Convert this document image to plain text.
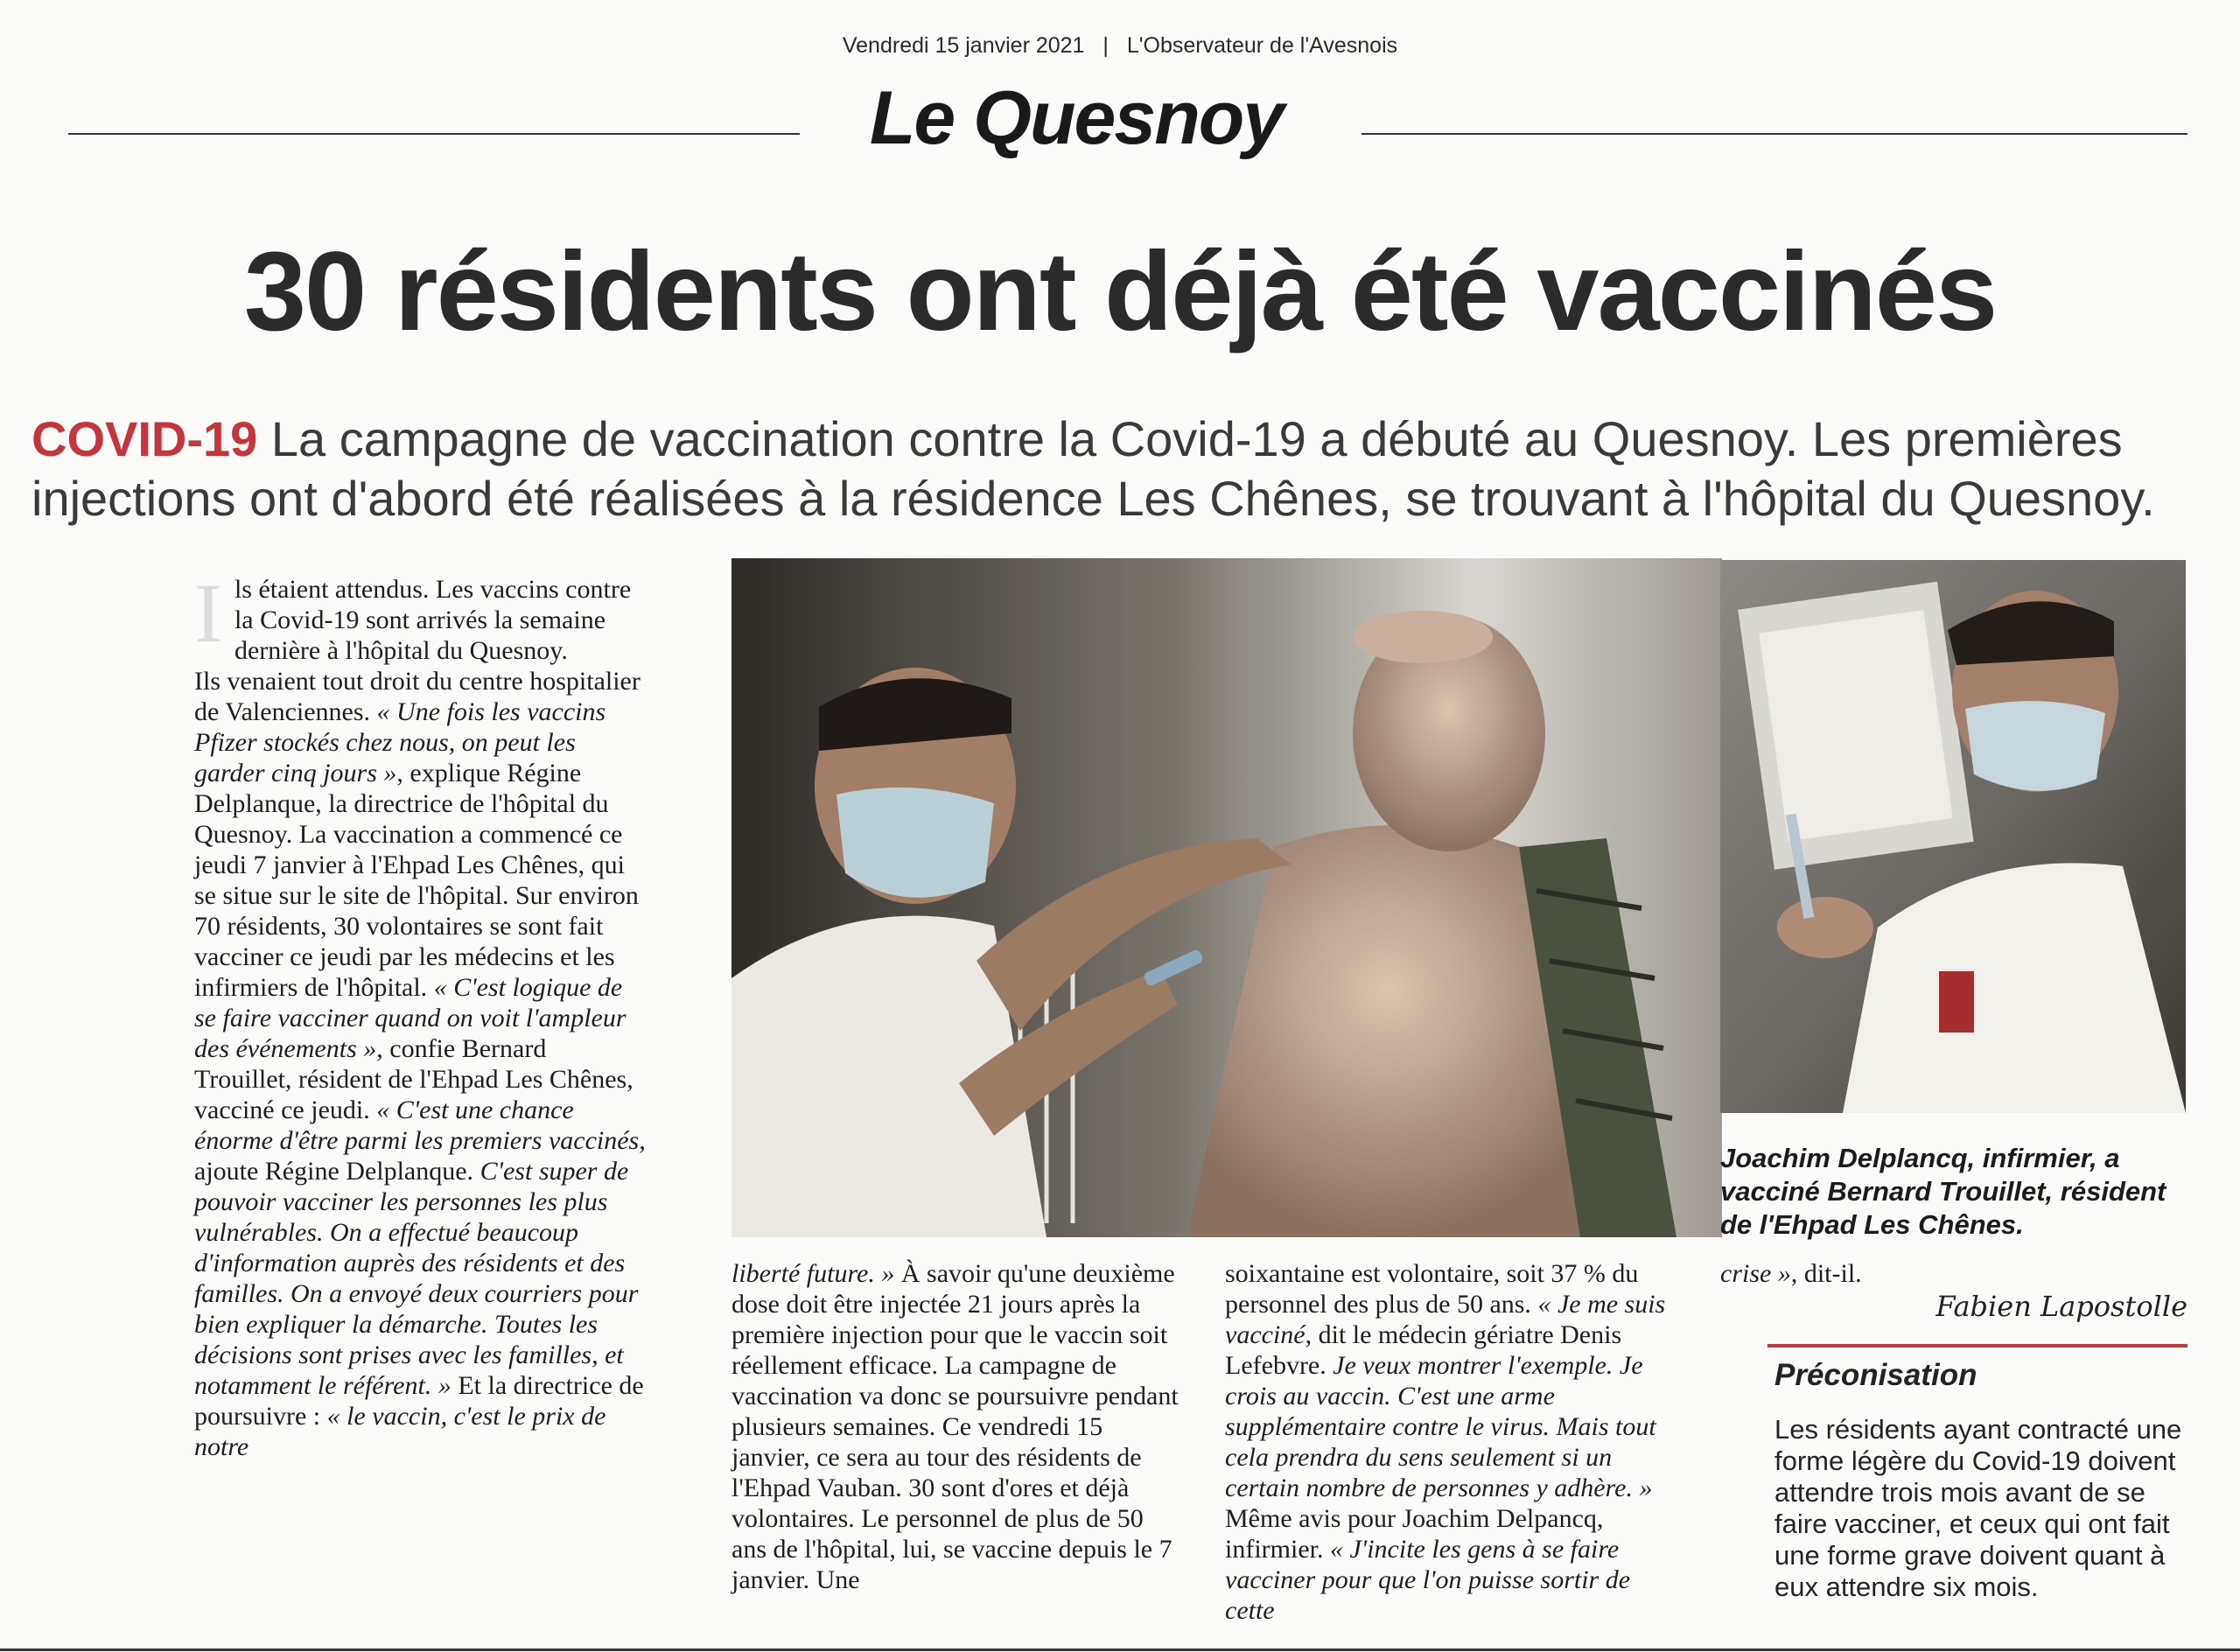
Vendredi 15 janvier 2021 | L'Observateur de l'Avesnois
Le Quesnoy
30 résidents ont déjà été vaccinés
COVID-19 La campagne de vaccination contre la Covid-19 a débuté au Quesnoy. Les premières injections ont d'abord été réalisées à la résidence Les Chênes, se trouvant à l'hôpital du Quesnoy.

I ls étaient attendus. Les vaccins contre la Covid-19 sont arrivés la semaine dernière à l'hôpital du Quesnoy.

Ils venaient tout droit du centre hospitalier de Valenciennes. « Une fois les vaccins Pfizer stockés chez nous, on peut les garder cinq jours », explique Régine Delplanque, la directrice de l'hôpital du Quesnoy. La vaccination a commencé ce jeudi 7 janvier à l'Ehpad Les Chênes, qui se situe sur le site de l'hôpital. Sur environ 70 résidents, 30 volontaires se sont fait vacciner ce jeudi par les médecins et les infirmiers de l'hôpital. « C'est logique de se faire vacciner quand on voit l'ampleur des événements », confie Bernard Trouillet, résident de l'Ehpad Les Chênes, vacciné ce jeudi. « C'est une chance énorme d'être parmi les premiers vaccinés, ajoute Régine Delplanque. C'est super de pouvoir vacciner les personnes les plus vulnérables. On a effectué beaucoup d'information auprès des résidents et des familles. On a envoyé deux courriers pour bien expliquer la démarche. Toutes les décisions sont prises avec les familles, et notamment le référent. » Et la directrice de poursuivre : « le vaccin, c'est le prix de notre

Joachim Delplancq, infirmier, a vacciné Bernard Trouillet, résident de l'Ehpad Les Chênes.

liberté future. » À savoir qu'une deuxième dose doit être injectée 21 jours après la première injection pour que le vaccin soit réellement efficace. La campagne de vaccination va donc se poursuivre pendant plusieurs semaines. Ce vendredi 15 janvier, ce sera au tour des résidents de l'Ehpad Vauban. 30 sont d'ores et déjà volontaires. Le personnel de plus de 50 ans de l'hôpital, lui, se vaccine depuis le 7 janvier. Une

soixantaine est volontaire, soit 37 % du personnel des plus de 50 ans. « Je me suis vacciné, dit le médecin gériatre Denis Lefebvre. Je veux montrer l'exemple. Je crois au vaccin. C'est une arme supplémentaire contre le virus. Mais tout cela prendra du sens seulement si un certain nombre de personnes y adhère. » Même avis pour Joachim Delpancq, infirmier. « J'incite les gens à se faire vacciner pour que l'on puisse sortir de cette

crise », dit-il.

Fabien Lapostolle
Préconisation
Les résidents ayant contracté une forme légère du Covid-19 doivent attendre trois mois avant de se faire vacciner, et ceux qui ont fait une forme grave doivent quant à eux attendre six mois.
